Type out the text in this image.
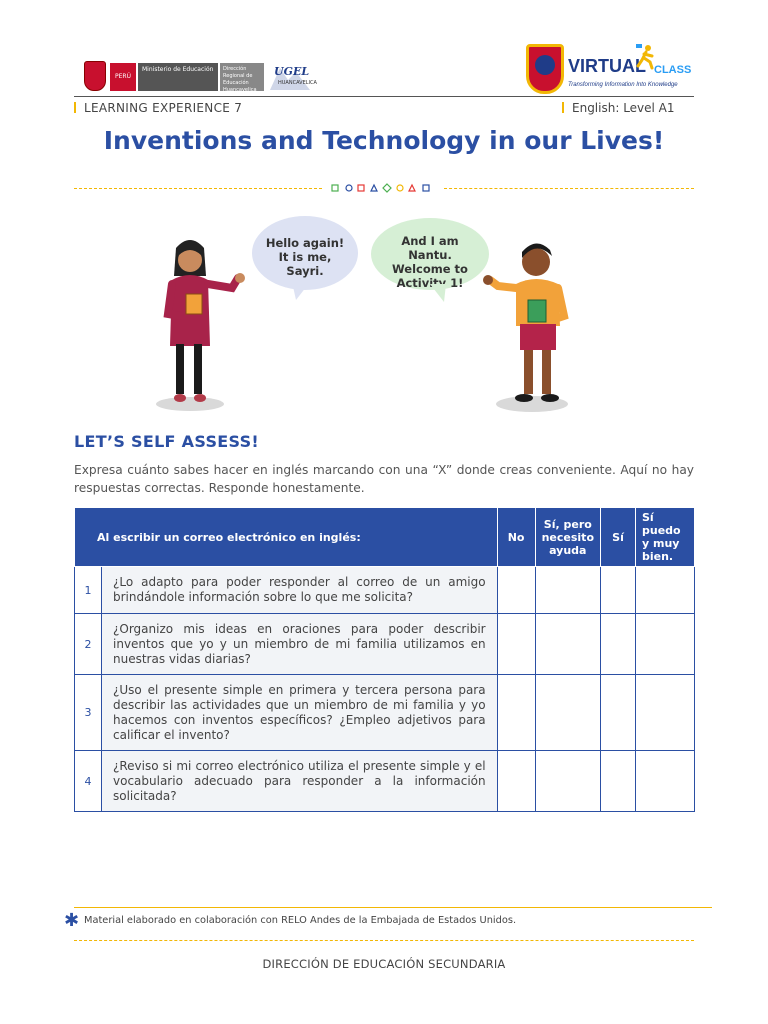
PERÚ
Ministerio de Educación	Dirección Regional de Educación Huancavelica
UGEL
HUANCAVELICA
VIRTUAL CLASS
Transforming Information Into Knowledge
LEARNING EXPERIENCE 7	English: Level A1
Inventions and Technology in our Lives!
Hello again! It is me, Sayri.
And I am Nantu. Welcome to Activity 1!
LET’S SELF ASSESS!
Expresa cuánto sabes hacer en inglés marcando con una “X” donde creas conveniente. Aquí no hay respuestas correctas. Responde honestamente.
Al escribir un correo electrónico en inglés:		No	Sí, pero necesito ayuda	Sí	Sí puedo y muy bien.
1	¿Lo adapto para poder responder al correo de un amigo brindándole información sobre lo que me solicita?				
2	¿Organizo mis ideas en oraciones para poder describir inventos que yo y un miembro de mi familia utilizamos en nuestras vidas diarias?				
3	¿Uso el presente simple en primera y tercera persona para describir las actividades que un miembro de mi familia y yo hacemos con inventos específicos? ¿Empleo adjetivos para calificar el invento?				
4	¿Reviso si mi correo electrónico utiliza el presente simple y el vocabulario adecuado para responder a la información solicitada?				
✱ Material elaborado en colaboración con RELO Andes de la Embajada de Estados Unidos.
DIRECCIÓN DE EDUCACIÓN SECUNDARIA
